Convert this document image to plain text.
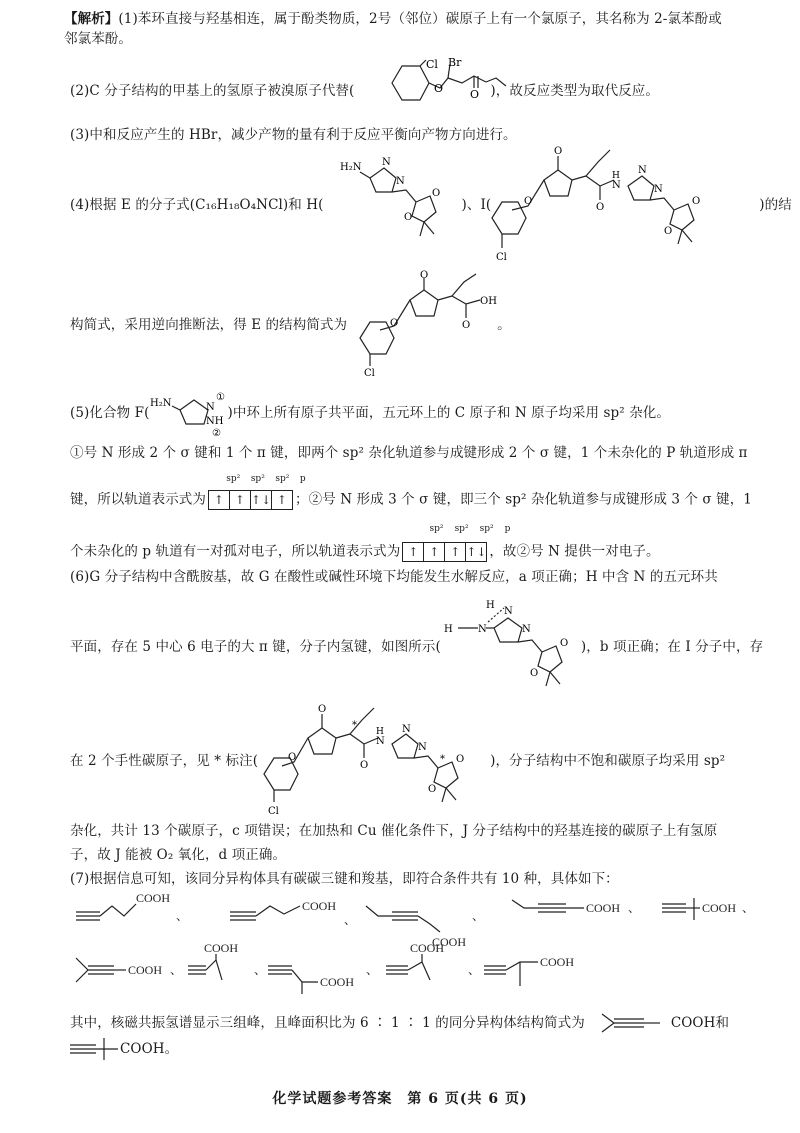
【解析】(1)苯环直接与羟基相连，属于酚类物质，2号（邻位）碳原子上有一个氯原子，其名称为 2-氯苯酚或
邻氯苯酚。
(2)C 分子结构的甲基上的氢原子被溴原子代替(	)，故反应类型为取代反应。
Cl Br
O O
(3)中和反应产生的 HBr，减少产物的量有利于反应平衡向产物方向进行。
(4)根据 E 的分子式(C₁₆H₁₈O₄NCl)和 H(	)、I(	)的结
H₂N N
N
O
O
O
O
H
N
N
N
O
O
O
Cl
构简式，采用逆向推断法，得 E 的结构简式为	。
O
OH
O
O
Cl
(5)化合物 F(	)中环上所有原子共平面，五元环上的 C 原子和 N 原子均采用 sp² 杂化。
H₂N	N
NH
①
②
①号 N 形成 2 个 σ 键和 1 个 π 键，即两个 sp² 杂化轨道参与成键形成 2 个 σ 键，1 个未杂化的 P 轨道形成 π
键，所以轨道表示式为 ↑ ↑ ↑↓ ↑ ；②号 N 形成 3 个 σ 键，即三个 sp² 杂化轨道参与成键形成 3 个 σ 键，1
sp² sp² sp² p
个未杂化的 p 轨道有一对孤对电子，所以轨道表示式为 ↑ ↑ ↑ ↑↓ ，故②号 N 提供一对电子。
sp² sp² sp² p
(6)G 分子结构中含酰胺基，故 G 在酸性或碱性环境下均能发生水解反应，a 项正确；H 中含 N 的五元环共
平面，存在 5 中心 6 电子的大 π 键，分子内氢键，如图所示(	)，b 项正确；在 I 分子中，存
H	N
H
N
N
O
O
在 2 个手性碳原子，见 * 标注(	)，分子结构中不饱和碳原子均采用 sp²
O
*
O
H
N
N
N
* O
O
O
Cl
杂化，共计 13 个碳原子，c 项错误；在加热和 Cu 催化条件下，J 分子结构中的羟基连接的碳原子上有氢原
子，故 J 能被 O₂ 氧化，d 项正确。
(7)根据信息可知，该同分异构体具有碳碳三键和羧基，即符合条件共有 10 种，具体如下：
COOH
、
COOH
、
COOH
、
COOH 、	COOH 、
COOH 、
COOH
、
COOH
、
COOH
、
COOH
其中，核磁共振氢谱显示三组峰，且峰面积比为 6 ∶ 1 ∶ 1 的同分异构体结构简式为	COOH和
COOH。
化学试题参考答案　第 6 页(共 6 页)
